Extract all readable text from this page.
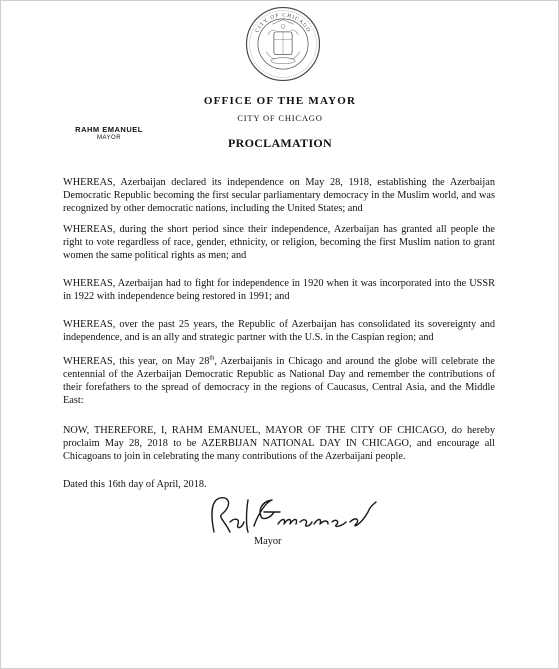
CITY OF CHICAGO
OFFICE OF THE MAYOR
CITY OF CHICAGO
RAHM EMANUEL
MAYOR	PROCLAMATION
WHEREAS, Azerbaijan declared its independence on May 28, 1918, establishing the Azerbaijan Democratic Republic becoming the first secular parliamentary democracy in the Muslim world, and was recognized by other democratic nations, including the United States; and
WHEREAS, during the short period since their independence, Azerbaijan has granted all people the right to vote regardless of race, gender, ethnicity, or religion, becoming the first Muslim nation to grant women the same political rights as men; and
WHEREAS, Azerbaijan had to fight for independence in 1920 when it was incorporated into the USSR in 1922 with independence being restored in 1991; and
WHEREAS, over the past 25 years, the Republic of Azerbaijan has consolidated its sovereignty and independence, and is an ally and strategic partner with the U.S. in the Caspian region; and
WHEREAS, this year, on May 28th, Azerbaijanis in Chicago and around the globe will celebrate the centennial of the Azerbaijan Democratic Republic as National Day and remember the contributions of their forefathers to the spread of democracy in the regions of Caucasus, Central Asia, and the Middle East:
NOW, THEREFORE, I, RAHM EMANUEL, MAYOR OF THE CITY OF CHICAGO, do hereby proclaim May 28, 2018 to be AZERBIJAN NATIONAL DAY IN CHICAGO, and encourage all Chicagoans to join in celebrating the many contributions of the Azerbaijani people.
Dated this 16th day of April, 2018.
Mayor
